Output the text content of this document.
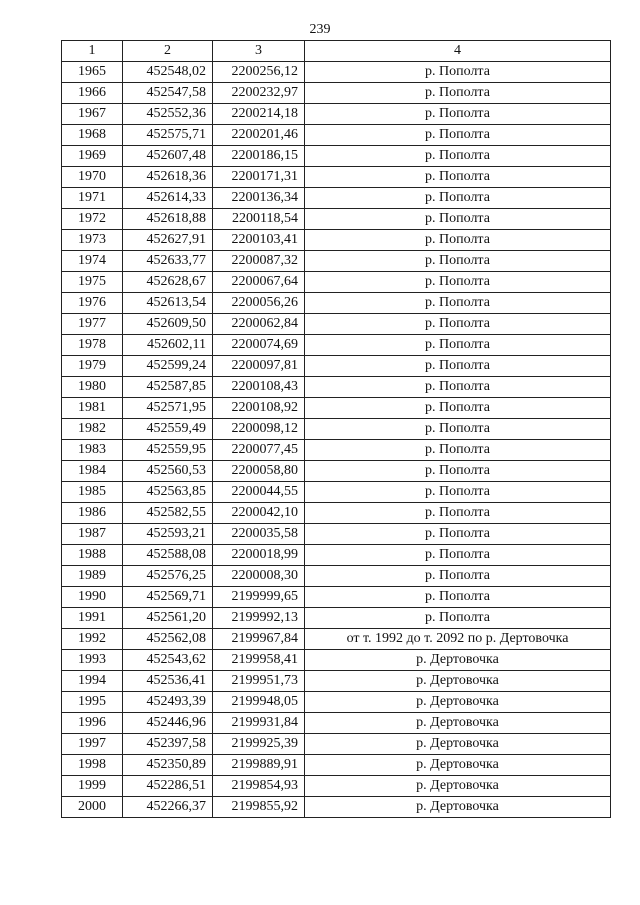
239
1	2	3	4
1965	452548,02	2200256,12	р. Пополта
1966	452547,58	2200232,97	р. Пополта
1967	452552,36	2200214,18	р. Пополта
1968	452575,71	2200201,46	р. Пополта
1969	452607,48	2200186,15	р. Пополта
1970	452618,36	2200171,31	р. Пополта
1971	452614,33	2200136,34	р. Пополта
1972	452618,88	2200118,54	р. Пополта
1973	452627,91	2200103,41	р. Пополта
1974	452633,77	2200087,32	р. Пополта
1975	452628,67	2200067,64	р. Пополта
1976	452613,54	2200056,26	р. Пополта
1977	452609,50	2200062,84	р. Пополта
1978	452602,11	2200074,69	р. Пополта
1979	452599,24	2200097,81	р. Пополта
1980	452587,85	2200108,43	р. Пополта
1981	452571,95	2200108,92	р. Пополта
1982	452559,49	2200098,12	р. Пополта
1983	452559,95	2200077,45	р. Пополта
1984	452560,53	2200058,80	р. Пополта
1985	452563,85	2200044,55	р. Пополта
1986	452582,55	2200042,10	р. Пополта
1987	452593,21	2200035,58	р. Пополта
1988	452588,08	2200018,99	р. Пополта
1989	452576,25	2200008,30	р. Пополта
1990	452569,71	2199999,65	р. Пополта
1991	452561,20	2199992,13	р. Пополта
1992	452562,08	2199967,84	от т. 1992 до т. 2092 по р. Дертовочка
1993	452543,62	2199958,41	р. Дертовочка
1994	452536,41	2199951,73	р. Дертовочка
1995	452493,39	2199948,05	р. Дертовочка
1996	452446,96	2199931,84	р. Дертовочка
1997	452397,58	2199925,39	р. Дертовочка
1998	452350,89	2199889,91	р. Дертовочка
1999	452286,51	2199854,93	р. Дертовочка
2000	452266,37	2199855,92	р. Дертовочка
